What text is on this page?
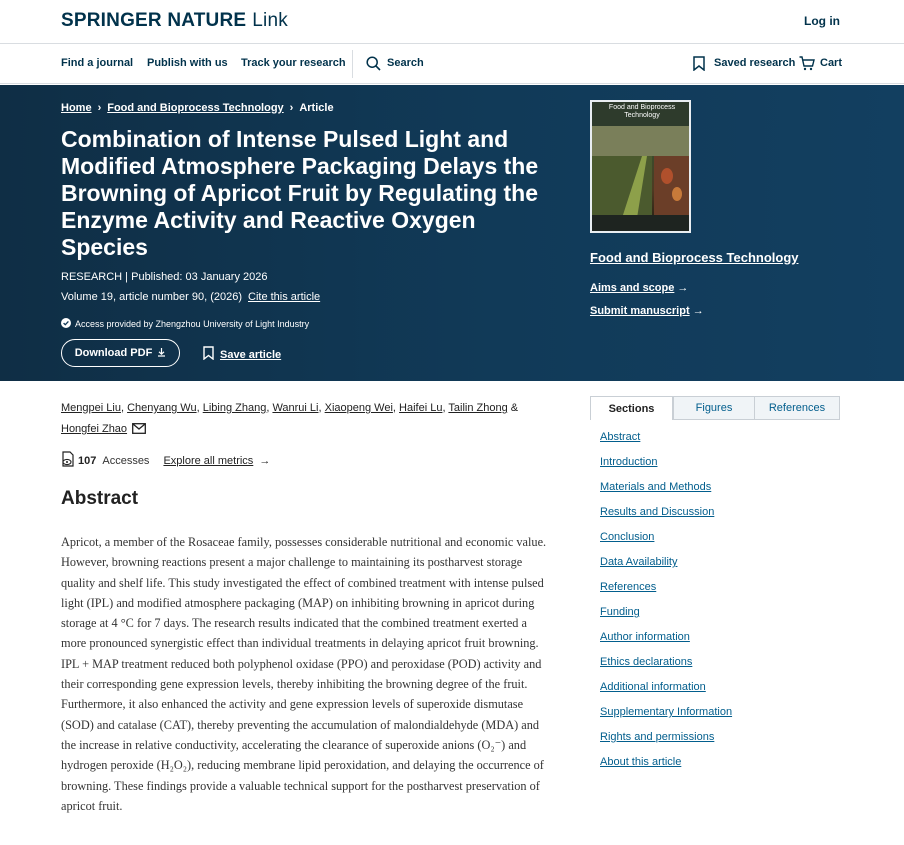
SPRINGER NATURE Link	Log in
Find a journal Publish with us Track your research	Search	Saved research Cart
Home › Food and Bioprocess Technology › Article
Combination of Intense Pulsed Light and Modified Atmosphere Packaging Delays the Browning of Apricot Fruit by Regulating the Enzyme Activity and Reactive Oxygen Species
RESEARCH | Published: 03 January 2026
Volume 19, article number 90, (2026) Cite this article
Access provided by Zhengzhou University of Light Industry
Download PDF	Save article
Food and Bioprocess Technology
Food and Bioprocess Technology
Aims and scope →
Submit manuscript →
Mengpei Liu, Chenyang Wu, Libing Zhang, Wanrui Li, Xiaopeng Wei, Haifei Lu, Tailin Zhong & Hongfei Zhao
107 Accesses Explore all metrics →
Abstract

Apricot, a member of the Rosaceae family, possesses considerable nutritional and economic value. However, browning reactions present a major challenge to maintaining its postharvest storage quality and shelf life. This study investigated the effect of combined treatment with intense pulsed light (IPL) and modified atmosphere packaging (MAP) on inhibiting browning in apricot during storage at 4 °C for 7 days. The research results indicated that the combined treatment exerted a more pronounced synergistic effect than individual treatments in delaying apricot fruit browning. IPL + MAP treatment reduced both polyphenol oxidase (PPO) and peroxidase (POD) activity and their corresponding gene expression levels, thereby inhibiting the browning degree of the fruit. Furthermore, it also enhanced the activity and gene expression levels of superoxide dismutase (SOD) and catalase (CAT), thereby preventing the accumulation of malondialdehyde (MDA) and the increase in relative conductivity, accelerating the clearance of superoxide anions (O₂⁻) and hydrogen peroxide (H₂O₂), reducing membrane lipid peroxidation, and delaying the occurrence of browning. These findings provide a valuable technical support for the postharvest preservation of apricot fruit.

Sections	Figures	References
Abstract
Introduction
Materials and Methods
Results and Discussion
Conclusion
Data Availability
References
Funding
Author information
Ethics declarations
Additional information
Supplementary Information
Rights and permissions
About this article
